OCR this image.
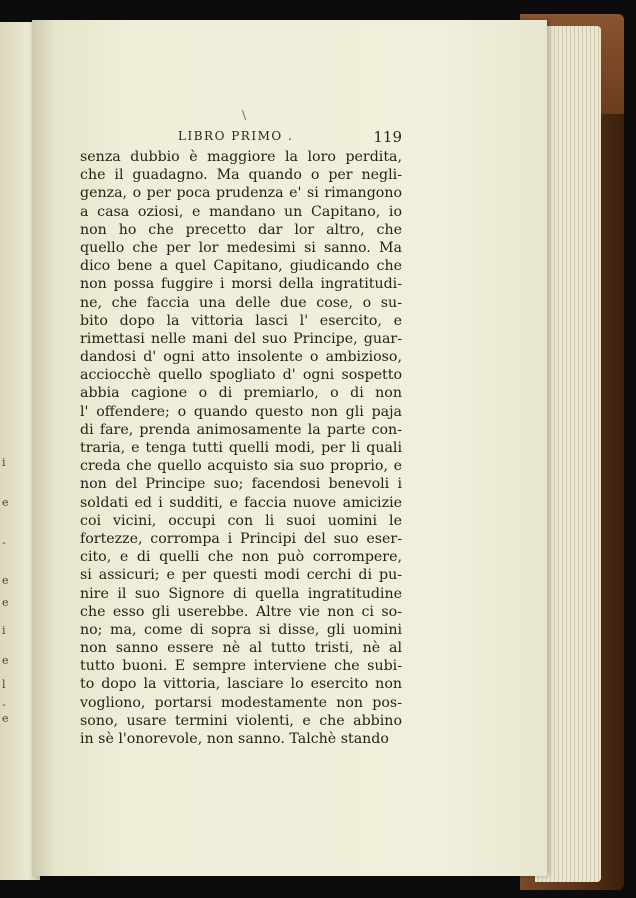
i
e
-
e
e
i
e
l
-
e
\
LIBRO PRIMO .	119
senza dubbio è maggiore la loro perdita,
che il guadagno. Ma quando o per negli-
genza, o per poca prudenza e' si rimangono
a casa oziosi, e mandano un Capitano, io
non ho che precetto dar lor altro, che
quello che per lor medesimi si sanno. Ma
dico bene a quel Capitano, giudicando che
non possa fuggire i morsi della ingratitudi-
ne, che faccia una delle due cose, o su-
bito dopo la vittoria lasci l' esercito, e
rimettasi nelle mani del suo Principe, guar-
dandosi d' ogni atto insolente o ambizioso,
acciocchè quello spogliato d' ogni sospetto
abbia cagione o di premiarlo, o di non
l' offendere; o quando questo non gli paja
di fare, prenda animosamente la parte con-
traria, e tenga tutti quelli modi, per li quali
creda che quello acquisto sia suo proprio, e
non del Principe suo; facendosi benevoli i
soldati ed i sudditi, e faccia nuove amicizie
coi vicini, occupi con li suoi uomini le
fortezze, corrompa i Principi del suo eser-
cito, e di quelli che non può corrompere,
si assicuri; e per questi modi cerchi di pu-
nire il suo Signore di quella ingratitudine
che esso gli userebbe. Altre vie non ci so-
no; ma, come di sopra si disse, gli uomini
non sanno essere nè al tutto tristi, nè al
tutto buoni. E sempre interviene che subi-
to dopo la vittoria, lasciare lo esercito non
vogliono, portarsi modestamente non pos-
sono, usare termini violenti, e che abbino
in sè l'onorevole, non sanno. Talchè stando
